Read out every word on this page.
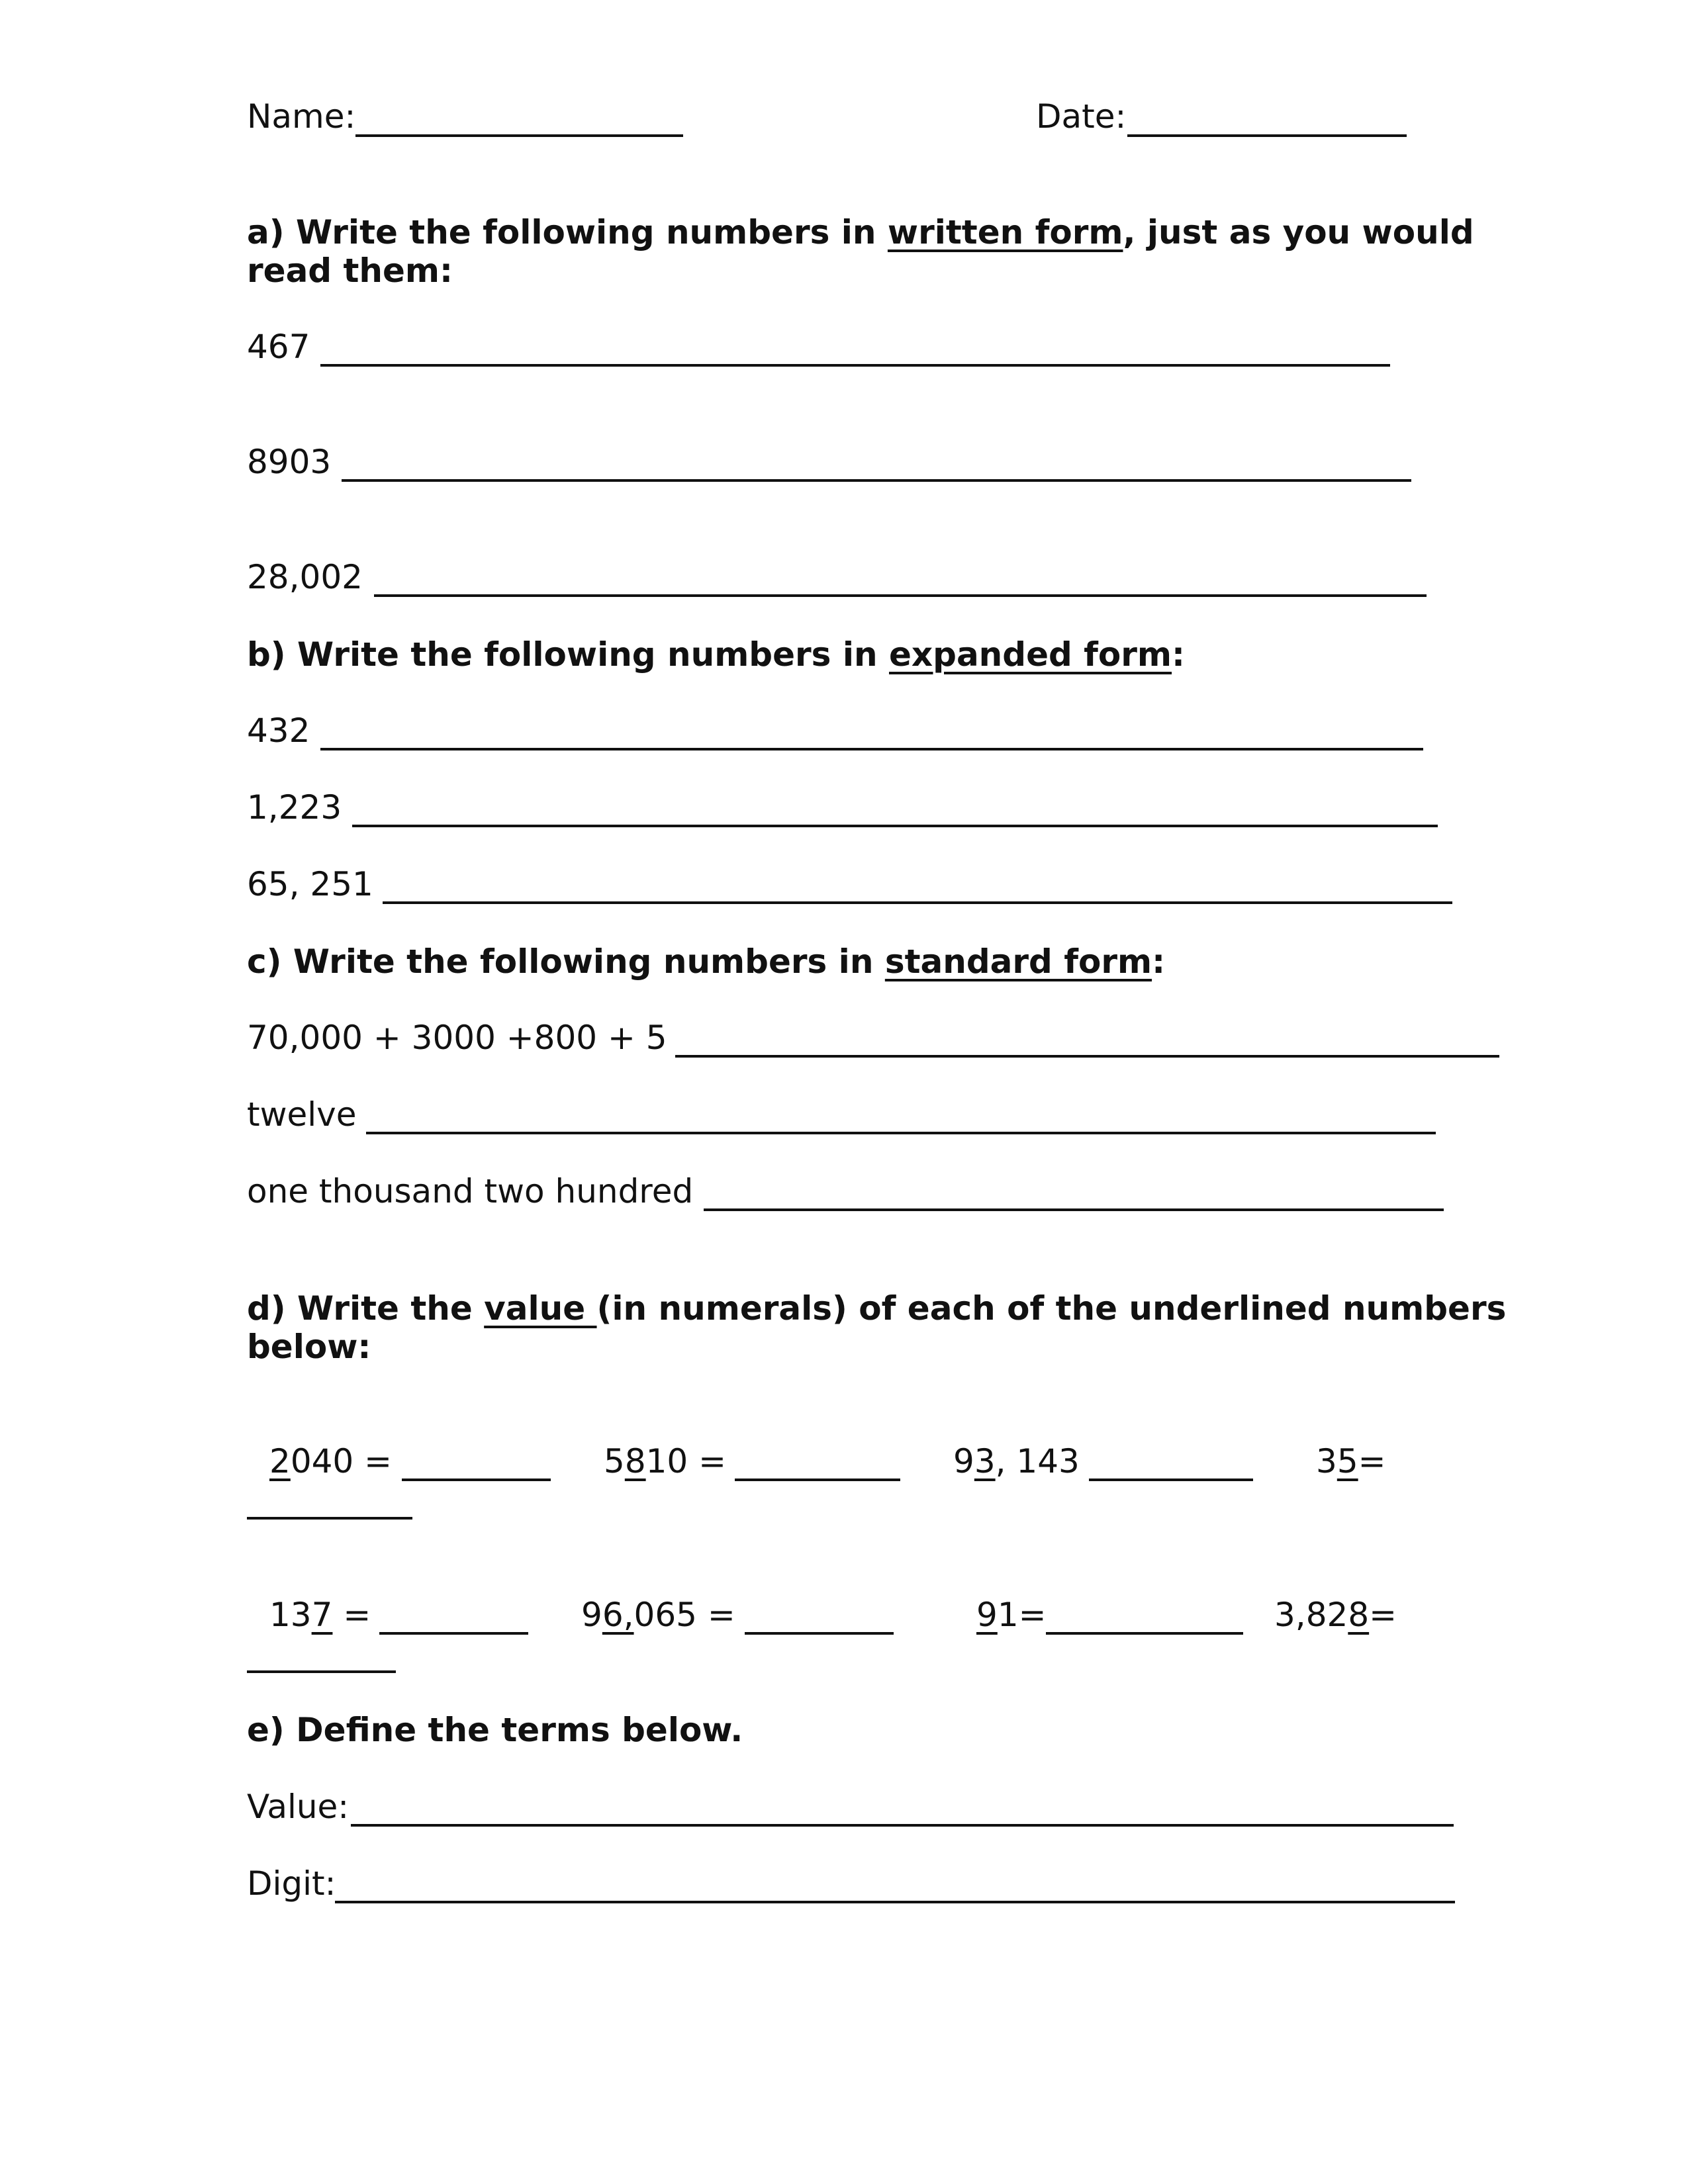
Name:	Date:
a) Write the following numbers in written form, just as you would read them:
467
8903
28,002
b) Write the following numbers in expanded form:
432
1,223
65, 251
c) Write the following numbers in standard form:
70,000 + 3000 +800 + 5
twelve
one thousand two hundred
d) Write the value (in numerals) of each of the underlined numbers below:
2040 =	5810 =	93, 143	35=
137 =	96,065 =	91=	3,828=
e) Define the terms below.
Value:
Digit:
